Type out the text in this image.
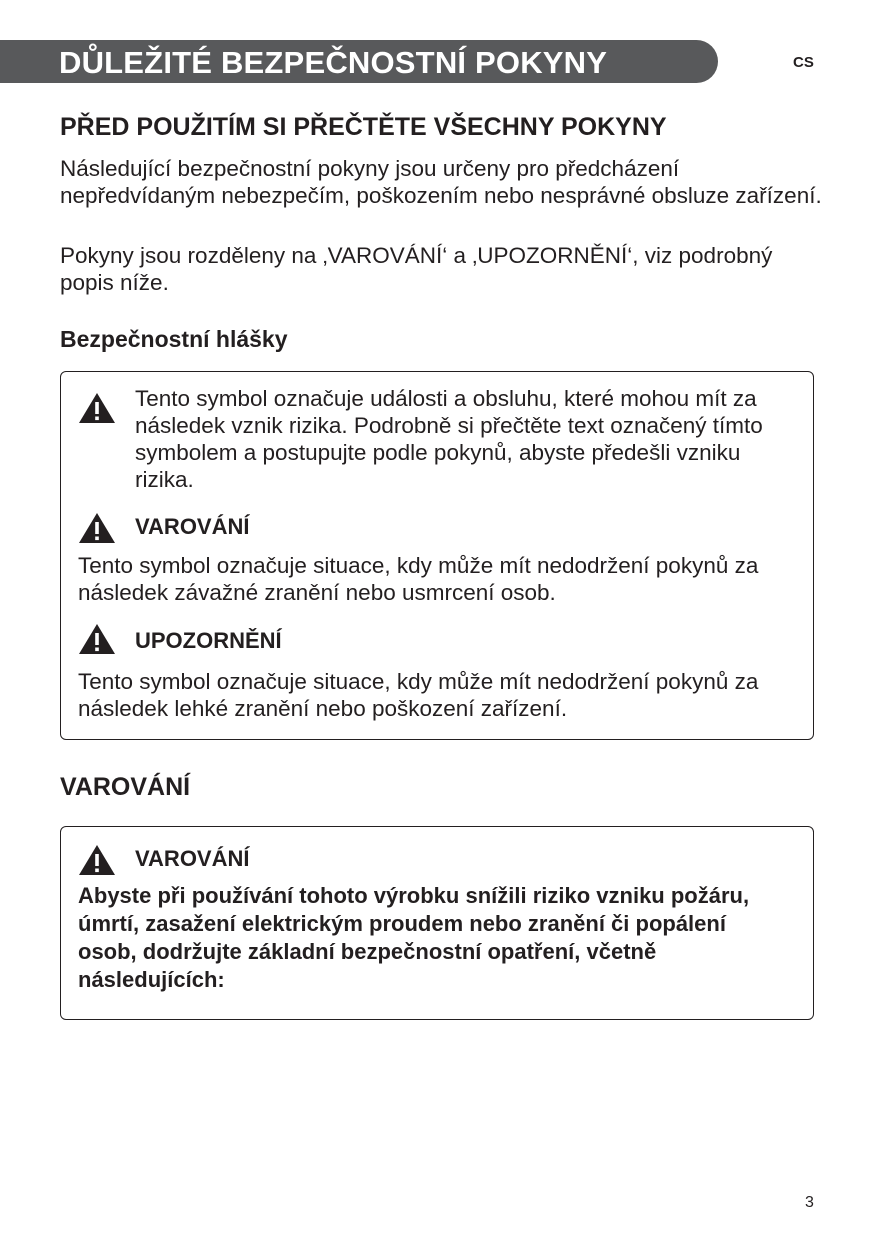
DŮLEŽITÉ BEZPEČNOSTNÍ POKYNY	CS
PŘED POUŽITÍM SI PŘEČTĚTE VŠECHNY POKYNY

Následující bezpečnostní pokyny jsou určeny pro předcházení nepředvídaným nebezpečím, poškozením nebo nesprávné obsluze zařízení.

Pokyny jsou rozděleny na ‚VAROVÁNÍ‘ a ‚UPOZORNĚNÍ‘, viz podrobný popis níže.

Bezpečnostní hlášky

Tento symbol označuje události a obsluhu, které mohou mít za následek vznik rizika. Podrobně si přečtěte text označený tímto symbolem a postupujte podle pokynů, abyste předešli vzniku rizika.

VAROVÁNÍ

Tento symbol označuje situace, kdy může mít nedodržení pokynů za následek závažné zranění nebo usmrcení osob.

UPOZORNĚNÍ

Tento symbol označuje situace, kdy může mít nedodržení pokynů za následek lehké zranění nebo poškození zařízení.

VAROVÁNÍ
VAROVÁNÍ

Abyste při používání tohoto výrobku snížili riziko vzniku požáru, úmrtí, zasažení elektrickým proudem nebo zranění či popálení osob, dodržujte základní bezpečnostní opatření, včetně následujících:

3
